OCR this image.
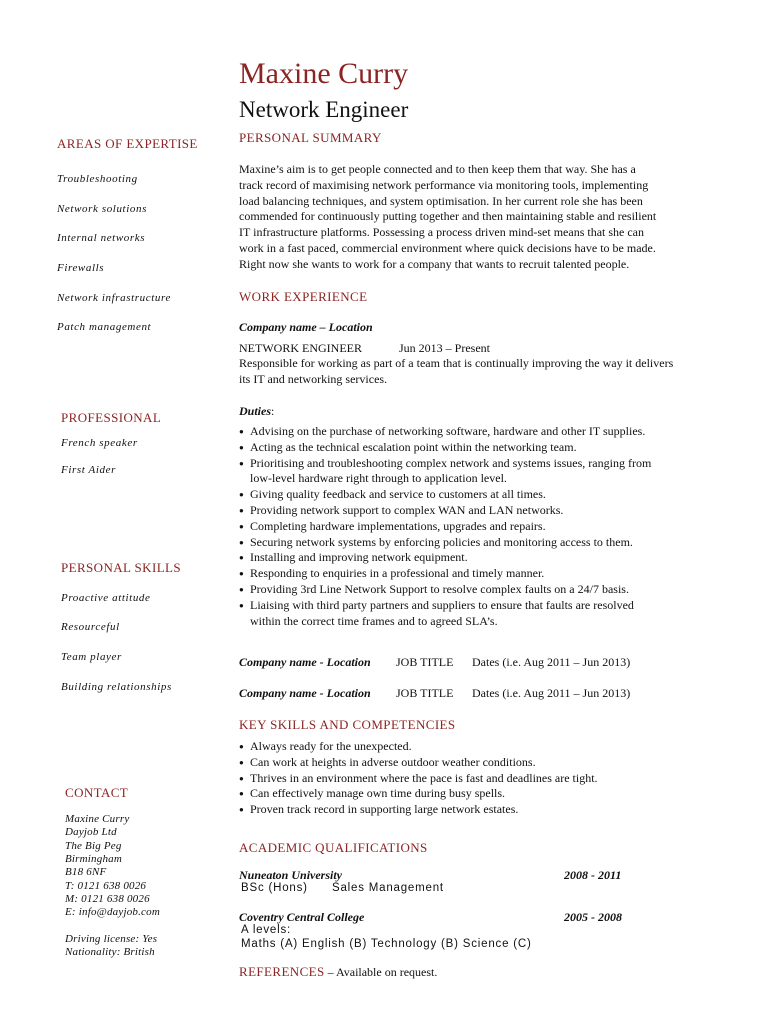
Maxine Curry
Network Engineer
AREAS OF EXPERTISE
Troubleshooting
Network solutions
Internal networks
Firewalls
Network infrastructure
Patch management
PROFESSIONAL
French speaker
First Aider
PERSONAL SKILLS
Proactive attitude
Resourceful
Team player
Building relationships
CONTACT
Maxine Curry
Dayjob Ltd
The Big Peg
Birmingham
B18 6NF
T: 0121 638 0026
M: 0121 638 0026
E: info@dayjob.com
Driving license: Yes
Nationality: British
PERSONAL SUMMARY
Maxine’s aim is to get people connected and to then keep them that way. She has a
track record of maximising network performance via monitoring tools, implementing
load balancing techniques, and system optimisation. In her current role she has been
commended for continuously putting together and then maintaining stable and resilient
IT infrastructure platforms. Possessing a process driven mind-set means that she can
work in a fast paced, commercial environment where quick decisions have to be made.
Right now she wants to work for a company that wants to recruit talented people.
WORK EXPERIENCE
Company name – Location
NETWORK ENGINEER	Jun 2013 – Present
Responsible for working as part of a team that is continually improving the way it delivers
its IT and networking services.
Duties:
● Advising on the purchase of networking software, hardware and other IT supplies.
● Acting as the technical escalation point within the networking team.
● Prioritising and troubleshooting complex network and systems issues, ranging from
low-level hardware right through to application level.
● Giving quality feedback and service to customers at all times.
● Providing network support to complex WAN and LAN networks.
● Completing hardware implementations, upgrades and repairs.
● Securing network systems by enforcing policies and monitoring access to them.
● Installing and improving network equipment.
● Responding to enquiries in a professional and timely manner.
● Providing 3rd Line Network Support to resolve complex faults on a 24/7 basis.
● Liaising with third party partners and suppliers to ensure that faults are resolved
within the correct time frames and to agreed SLA’s.
Company name - Location JOB TITLE Dates (i.e. Aug 2011 – Jun 2013)
Company name - Location JOB TITLE Dates (i.e. Aug 2011 – Jun 2013)
KEY SKILLS AND COMPETENCIES
● Always ready for the unexpected.
● Can work at heights in adverse outdoor weather conditions.
● Thrives in an environment where the pace is fast and deadlines are tight.
● Can effectively manage own time during busy spells.
● Proven track record in supporting large network estates.
ACADEMIC QUALIFICATIONS
Nuneaton University	2008 - 2011
BSc (Hons) Sales Management
Coventry Central College	2005 - 2008
A levels:
Maths (A) English (B) Technology (B) Science (C)
REFERENCES – Available on request.
